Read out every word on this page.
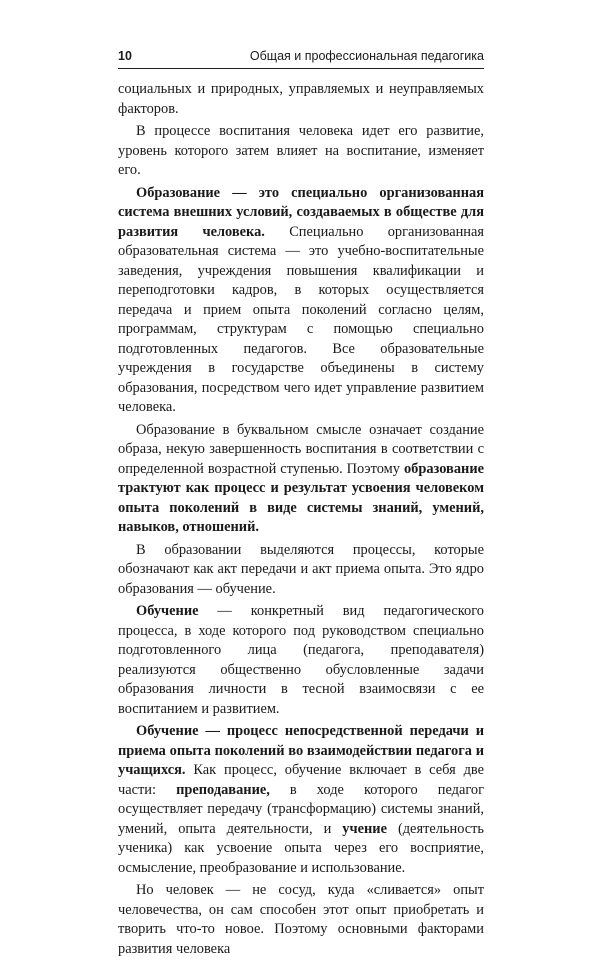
10	Общая и профессиональная педагогика

социальных и природных, управляемых и неуправляемых факторов.

В процессе воспитания человека идет его развитие, уровень которого затем влияет на воспитание, изменяет его.

Образование — это специально организованная система внешних условий, создаваемых в обществе для развития человека. Специально организованная образовательная система — это учебно-воспитательные заведения, учреждения повышения квалификации и переподготовки кадров, в которых осуществляется передача и прием опыта поколений согласно целям, программам, структурам с помощью специально подготовленных педагогов. Все образовательные учреждения в государстве объединены в систему образования, посредством чего идет управление развитием человека.

Образование в буквальном смысле означает создание образа, некую завершенность воспитания в соответствии с определенной возрастной ступенью. Поэтому образование трактуют как процесс и результат усвоения человеком опыта поколений в виде системы знаний, умений, навыков, отношений.

В образовании выделяются процессы, которые обозначают как акт передачи и акт приема опыта. Это ядро образования — обучение.

Обучение — конкретный вид педагогического процесса, в ходе которого под руководством специально подготовленного лица (педагога, преподавателя) реализуются общественно обусловленные задачи образования личности в тесной взаимосвязи с ее воспитанием и развитием.

Обучение — процесс непосредственной передачи и приема опыта поколений во взаимодействии педагога и учащихся. Как процесс, обучение включает в себя две части: преподавание, в ходе которого педагог осуществляет передачу (трансформацию) системы знаний, умений, опыта деятельности, и учение (деятельность ученика) как усвоение опыта через его восприятие, осмысление, преобразование и использование.

Но человек — не сосуд, куда «сливается» опыт человечества, он сам способен этот опыт приобретать и творить что-то новое. Поэтому основными факторами развития человека
